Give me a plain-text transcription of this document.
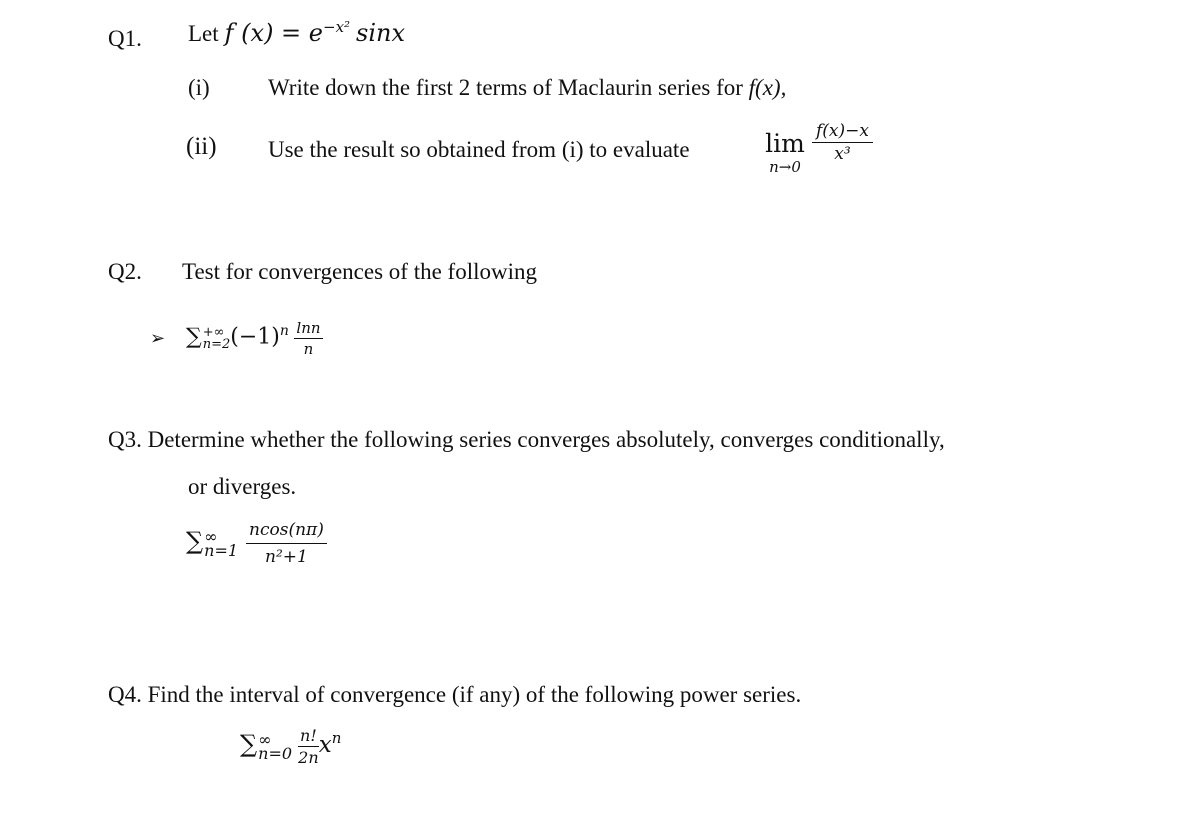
Q1. Let f $(x) = e^{-x^2}$ sinx
(i)	Write down the first 2 terms of Maclaurin series for f(x),
(ii) Use the result so obtained from (i) to evaluate	lim
n→0
$\frac{f(x)-x}{\text{x³}}$
Q2. Test for convergences of the following
➢ ∑ +∞
n=2 $(-1)^n \frac{\ln n}{n}$
Q3. Determine whether the following series converges absolutely, converges conditionally,
or diverges.
∑ ∞
n=1
$\frac{ncos(n\pi)}{\text{n²+1}}$
Q4. Find the interval of convergence (if any) of the following power series.
∑ ∞
n=0
$\frac{n!}{2n} x^n$
